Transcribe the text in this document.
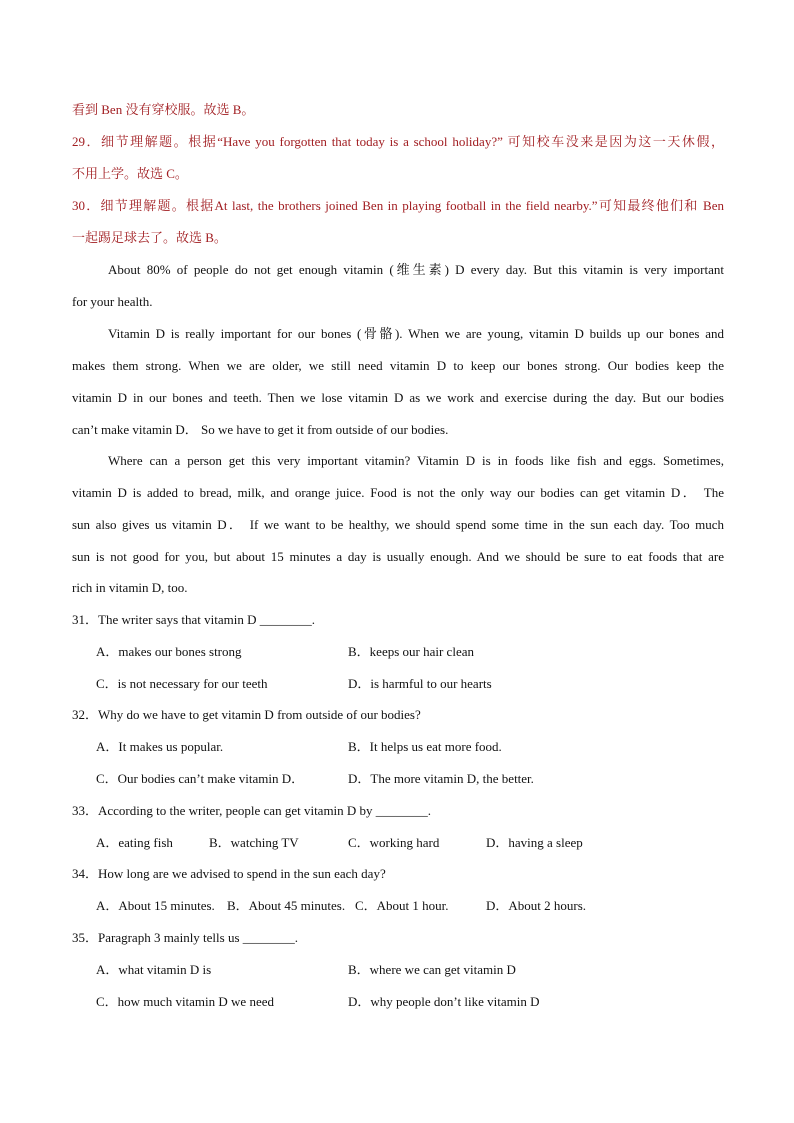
看到 Ben 没有穿校服。故选 B。
29．细节理解题。根据“Have you forgotten that today is a school holiday?” 可知校车没来是因为这一天休假，
不用上学。故选 C。
30．细节理解题。根据At last, the brothers joined Ben in playing football in the field nearby.”可知最终他们和 Ben
一起踢足球去了。故选 B。
About 80% of people do not get enough vitamin (维生素) D every day. But this vitamin is very important
for your health.
Vitamin D is really important for our bones (骨骼). When we are young, vitamin D builds up our bones and
makes them strong. When we are older, we still need vitamin D to keep our bones strong. Our bodies keep the
vitamin D in our bones and teeth. Then we lose vitamin D as we work and exercise during the day. But our bodies
can’t make vitamin D． So we have to get it from outside of our bodies.
Where can a person get this very important vitamin? Vitamin D is in foods like fish and eggs. Sometimes,
vitamin D is added to bread, milk, and orange juice. Food is not the only way our bodies can get vitamin D． The
sun also gives us vitamin D． If we want to be healthy, we should spend some time in the sun each day. Too much
sun is not good for you, but about 15 minutes a day is usually enough. And we should be sure to eat foods that are
rich in vitamin D, too.
31．The writer says that vitamin D ________.
A．makes our bones strong	B．keeps our hair clean
C．is not necessary for our teeth	D．is harmful to our hearts
32．Why do we have to get vitamin D from outside of our bodies?
A．It makes us popular.	B．It helps us eat more food.
C．Our bodies can’t make vitamin D．	D．The more vitamin D, the better.
33．According to the writer, people can get vitamin D by ________.
A．eating fish	B．watching TV	C．working hard	D．having a sleep
34．How long are we advised to spend in the sun each day?
A．About 15 minutes. B．About 45 minutes. C．About 1 hour.	D．About 2 hours.
35．Paragraph 3 mainly tells us ________.
A．what vitamin D is	B．where we can get vitamin D
C．how much vitamin D we need	D．why people don’t like vitamin D
